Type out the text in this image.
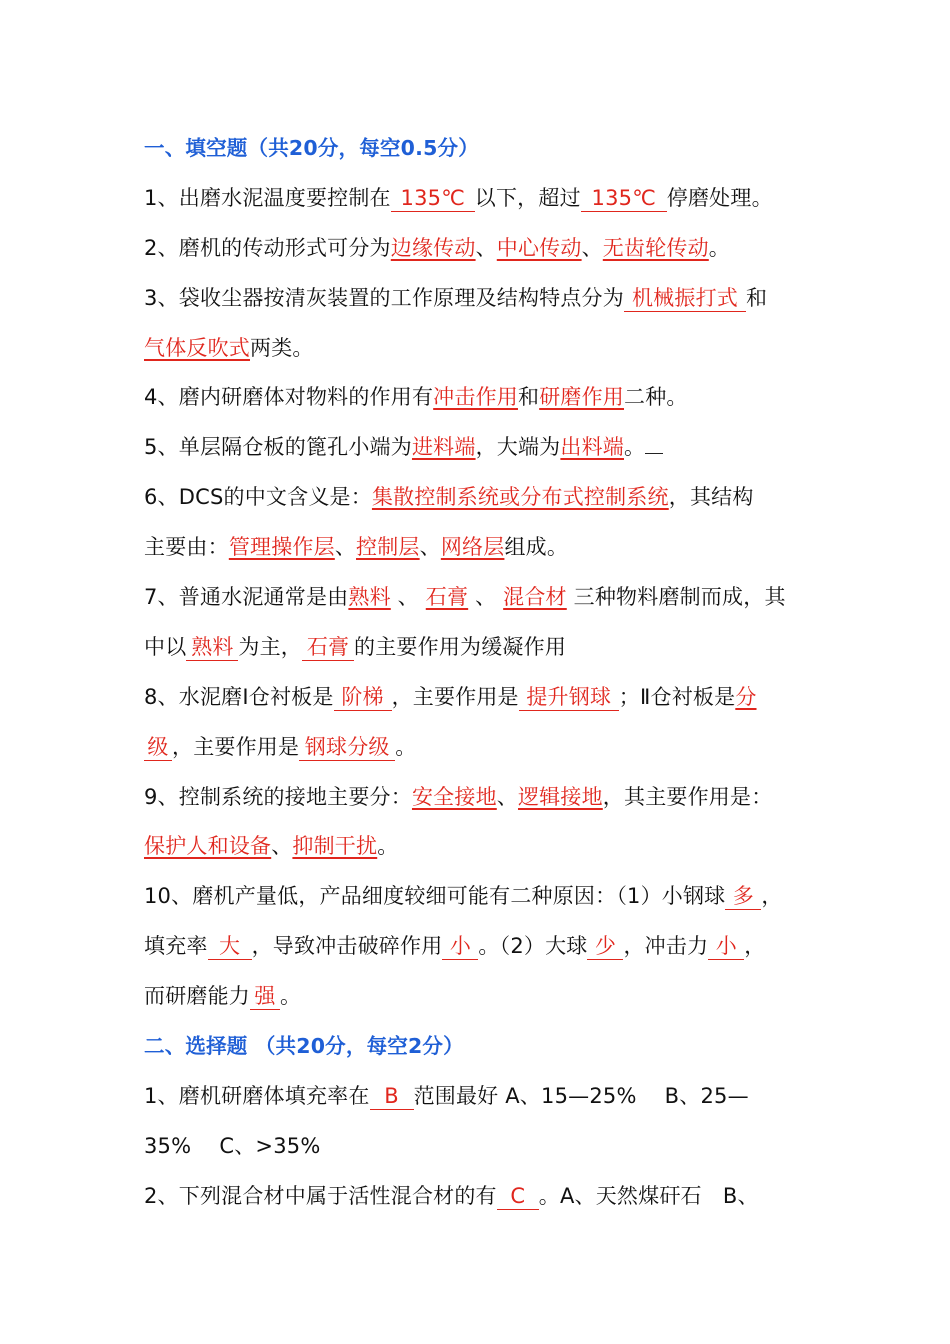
一、填空题（共20分，每空0.5分）
1、出磨水泥温度要控制在 135℃ 以下，超过 135℃ 停磨处理。
2、磨机的传动形式可分为边缘传动、中心传动、无齿轮传动。
3、袋收尘器按清灰装置的工作原理及结构特点分为 机械振打式 和
气体反吹式两类。
4、磨内研磨体对物料的作用有冲击作用和研磨作用二种。
5、单层隔仓板的篦孔小端为进料端，大端为出料端。
6、DCS的中文含义是：集散控制系统或分布式控制系统，其结构
主要由：管理操作层、控制层、网络层组成。
7、普通水泥通常是由熟料 、 石膏 、 混合材 三种物料磨制而成，其
中以 熟料 为主， 石膏 的主要作用为缓凝作用
8、水泥磨Ⅰ仓衬板是 阶梯 ，主要作用是 提升钢球 ；Ⅱ仓衬板是分
级 ，主要作用是 钢球分级 。
9、控制系统的接地主要分：安全接地、逻辑接地，其主要作用是：
保护人和设备、抑制干扰。
10、磨机产量低，产品细度较细可能有二种原因：（1）小钢球 多 ，
填充率 大 ，导致冲击破碎作用 小 。（2）大球 少 ，冲击力 小 ，
而研磨能力 强 。
二、选择题 （共20分，每空2分）
1、磨机研磨体填充率在 B 范围最好 A、15—25%　 B、25—
35%　 C、>35%
2、下列混合材中属于活性混合材的有 C 。A、天然煤矸石　B、
